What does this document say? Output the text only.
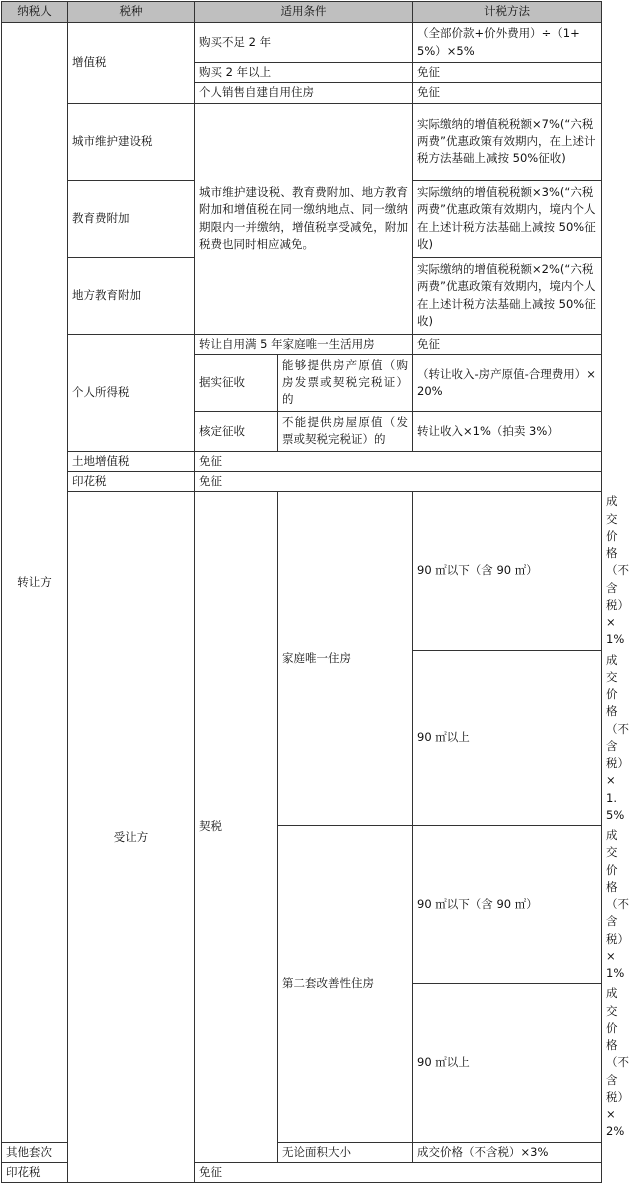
纳税人	税种	适用条件		计税方法	
转让方	增值税	购买不足 2 年		（全部价款+价外费用）÷（1+5%）×5%	
		购买 2 年以上		免征	
		个人销售自建自用住房		免征	
	城市维护建设税	城市维护建设税、教育费附加、地方教育附加和增值税在同一缴纳地点、同一缴纳期限内一并缴纳，增值税享受减免，附加税费也同时相应减免。		实际缴纳的增值税税额×7%(“六税两费”优惠政策有效期内，在上述计税方法基础上减按 50%征收)	
	教育费附加			实际缴纳的增值税税额×3%(“六税两费”优惠政策有效期内，境内个人在上述计税方法基础上减按 50%征收)	
	地方教育附加			实际缴纳的增值税税额×2%(“六税两费”优惠政策有效期内，境内个人在上述计税方法基础上减按 50%征收)	
	个人所得税	转让自用满 5 年家庭唯一生活用房		免征	
		据实征收	能够提供房产原值（购房发票或契税完税证）的	（转让收入-房产原值-合理费用）×20%	
		核定征收	不能提供房屋原值（发票或契税完税证）的	转让收入×1%（拍卖 3%）	
	土地增值税	免征			
	印花税	免征			
	受让方	契税	家庭唯一住房	90 ㎡以下（含 90 ㎡）	成交价格（不含税）×1%
				90 ㎡以上	成交价格（不含税）×1.5%
			第二套改善性住房	90 ㎡以下（含 90 ㎡）	成交价格（不含税）×1%
				90 ㎡以上	成交价格（不含税）×2%
其他套次			无论面积大小	成交价格（不含税）×3%	
印花税		免征			
